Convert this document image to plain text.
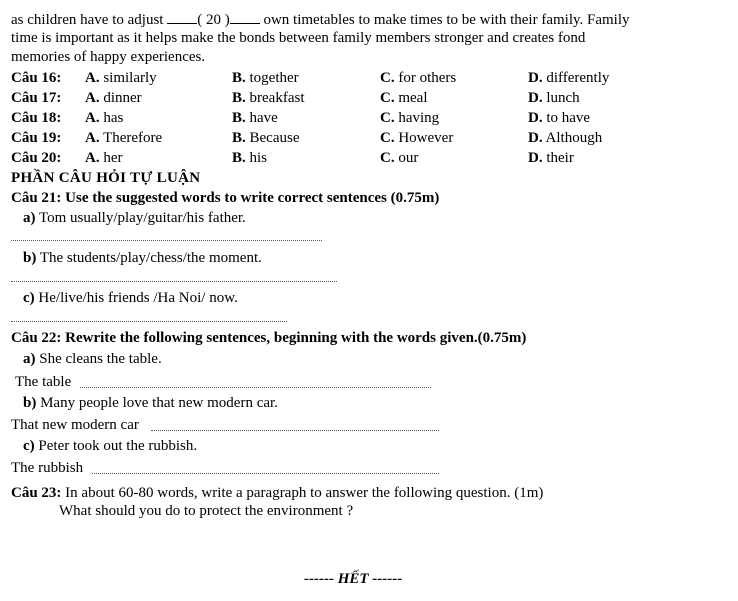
as children have to adjust ( 20 ) own timetables to make times to be with their family. Family
time is important as it helps make the bonds between family members stronger and creates fond
memories of happy experiences.
Câu 16: A. similarly	B. together	C. for others	D. differently
Câu 17: A. dinner	B. breakfast	C. meal	D. lunch
Câu 18: A. has	B. have	C. having	D. to have
Câu 19: A. Therefore	B. Because	C. However	D. Although
Câu 20: A. her	B. his	C. our	D. their
PHẦN CÂU HỎI TỰ LUẬN
Câu 21: Use the suggested words to write correct sentences (0.75m)
a) Tom usually/play/guitar/his father.
b) The students/play/chess/the moment.
c) He/live/his friends /Ha Noi/ now.
Câu 22: Rewrite the following sentences, beginning with the words given.(0.75m)
a) She cleans the table.
The table
b) Many people love that new modern car.
That new modern car
c) Peter took out the rubbish.
The rubbish
Câu 23: In about 60-80 words, write a paragraph to answer the following question. (1m)
What should you do to protect the environment ?
------ HẾT ------
